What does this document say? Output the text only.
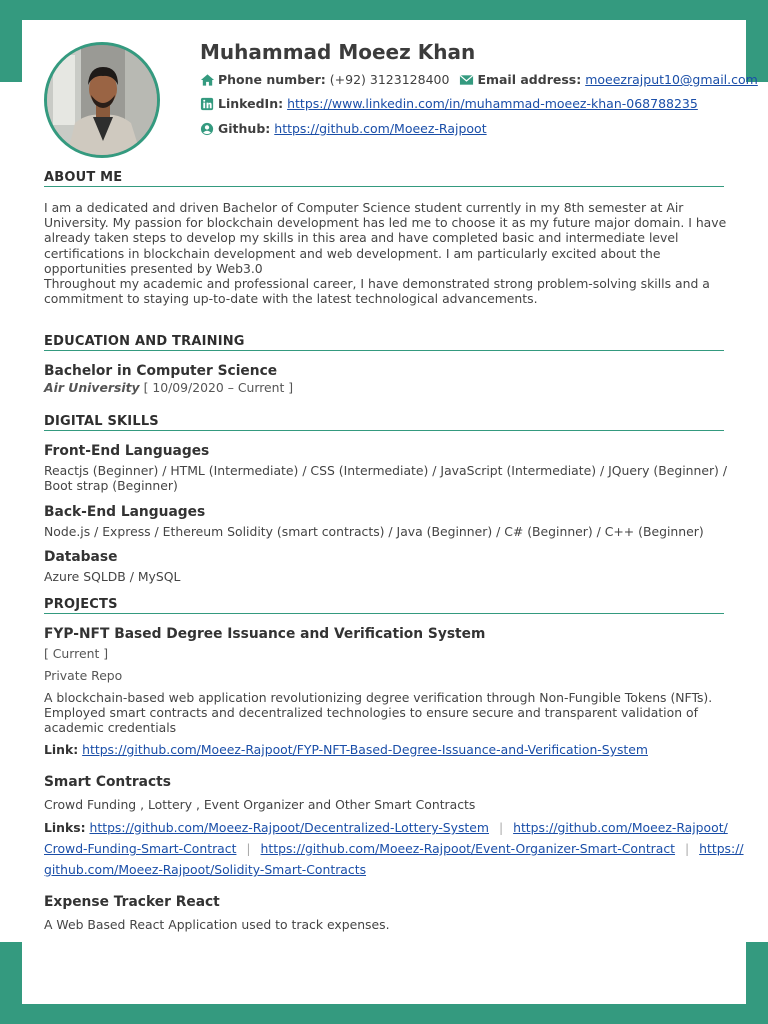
Muhammad Moeez Khan
Phone number: (+92) 3123128400 Email address: moeezrajput10@gmail.com
LinkedIn: https://www.linkedin.com/in/muhammad-moeez-khan-068788235
Github: https://github.com/Moeez-Rajpoot
ABOUT ME
I am a dedicated and driven Bachelor of Computer Science student currently in my 8th semester at Air University. My passion for blockchain development has led me to choose it as my future major domain. I have already taken steps to develop my skills in this area and have completed basic and intermediate level certifications in blockchain development and web development. I am particularly excited about the opportunities presented by Web3.0
Throughout my academic and professional career, I have demonstrated strong problem-solving skills and a commitment to staying up-to-date with the latest technological advancements.
EDUCATION AND TRAINING
Bachelor in Computer Science
Air University [ 10/09/2020 – Current ]
DIGITAL SKILLS
Front-End Languages
Reactjs (Beginner) / HTML (Intermediate) / CSS (Intermediate) / JavaScript (Intermediate) / JQuery (Beginner) / Boot strap (Beginner)
Back-End Languages
Node.js / Express / Ethereum Solidity (smart contracts) / Java (Beginner) / C# (Beginner) / C++ (Beginner)
Database
Azure SQLDB / MySQL
PROJECTS
FYP-NFT Based Degree Issuance and Verification System
[ Current ]
Private Repo
A blockchain-based web application revolutionizing degree verification through Non-Fungible Tokens (NFTs). Employed smart contracts and decentralized technologies to ensure secure and transparent validation of academic credentials
Link: https://github.com/Moeez-Rajpoot/FYP-NFT-Based-Degree-Issuance-and-Verification-System
Smart Contracts
Crowd Funding , Lottery , Event Organizer and Other Smart Contracts
Links: https://github.com/Moeez-Rajpoot/Decentralized-Lottery-System | https://github.com/Moeez-Rajpoot/
Crowd-Funding-Smart-Contract | https://github.com/Moeez-Rajpoot/Event-Organizer-Smart-Contract | https://
github.com/Moeez-Rajpoot/Solidity-Smart-Contracts
Expense Tracker React
A Web Based React Application used to track expenses.
